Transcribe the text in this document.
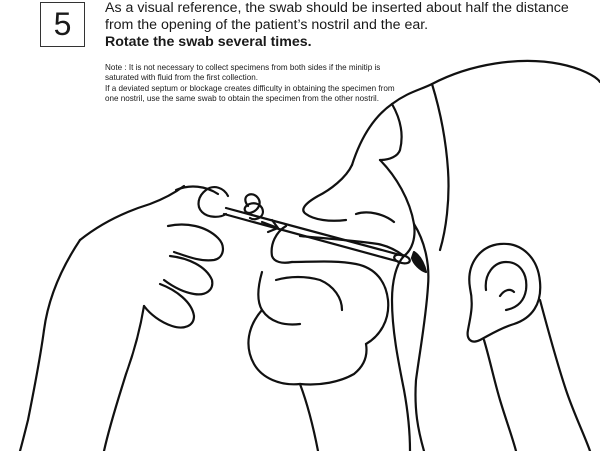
5 As a visual reference, the swab should be inserted about half the distance from the opening of the patient’s nostril and the ear.
Rotate the swab several times.

Note : It is not necessary to collect specimens from both sides if the minitip is saturated with fluid from the first collection.

If a deviated septum or blockage creates difficulty in obtaining the specimen from one nostril, use the same swab to obtain the specimen from the other nostril.
